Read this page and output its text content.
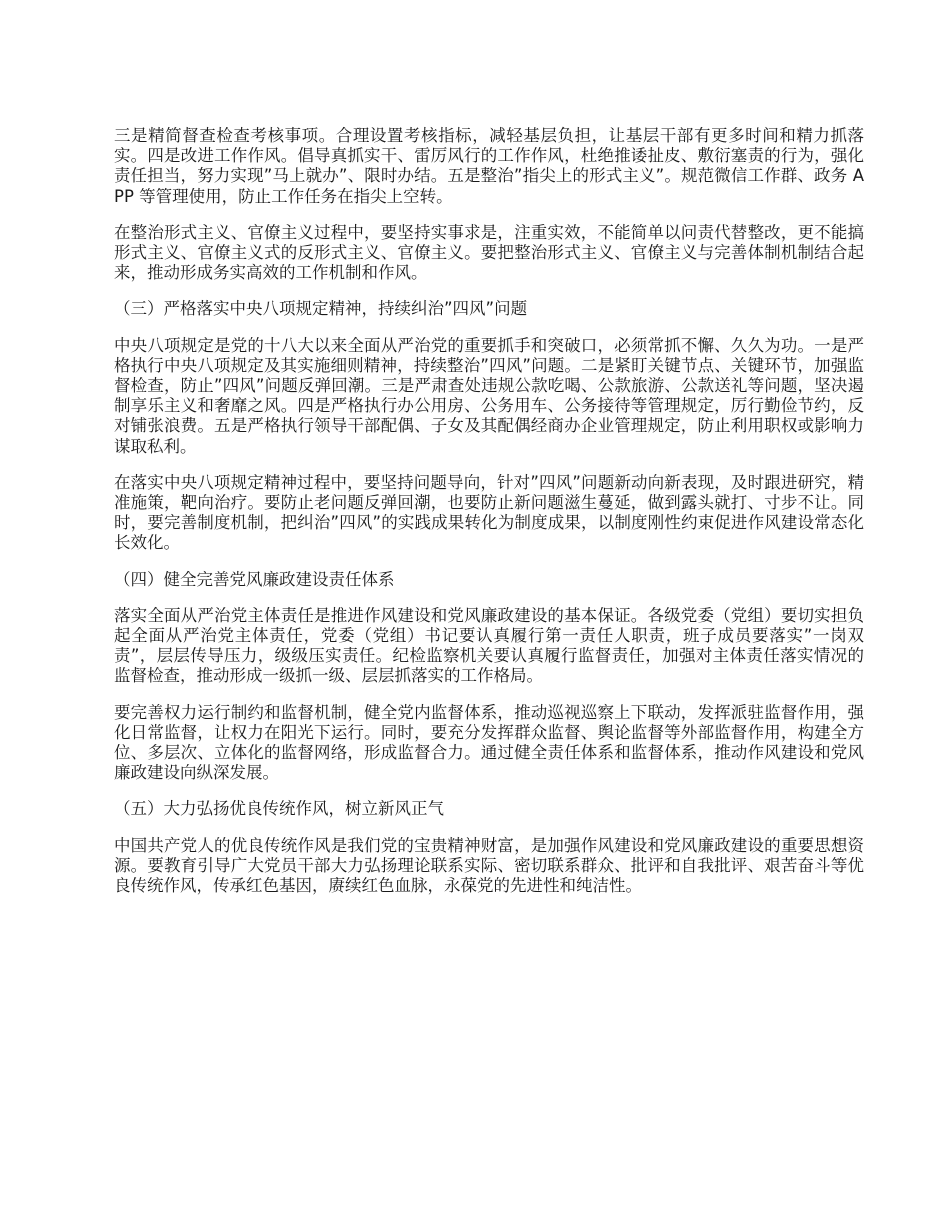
三是精简督查检查考核事项。合理设置考核指标，减轻基层负担，让基层干部有更多时间和精力抓落实。四是改进工作作风。倡导真抓实干、雷厉风行的工作作风，杜绝推诿扯皮、敷衍塞责的行为，强化责任担当，努力实现”马上就办”、限时办结。五是整治”指尖上的形式主义”。规范微信工作群、政务 APP 等管理使用，防止工作任务在指尖上空转。

在整治形式主义、官僚主义过程中，要坚持实事求是，注重实效，不能简单以问责代替整改，更不能搞形式主义、官僚主义式的反形式主义、官僚主义。要把整治形式主义、官僚主义与完善体制机制结合起来，推动形成务实高效的工作机制和作风。

（三）严格落实中央八项规定精神，持续纠治”四风”问题

中央八项规定是党的十八大以来全面从严治党的重要抓手和突破口，必须常抓不懈、久久为功。一是严格执行中央八项规定及其实施细则精神，持续整治”四风”问题。二是紧盯关键节点、关键环节，加强监督检查，防止”四风”问题反弹回潮。三是严肃查处违规公款吃喝、公款旅游、公款送礼等问题，坚决遏制享乐主义和奢靡之风。四是严格执行办公用房、公务用车、公务接待等管理规定，厉行勤俭节约，反对铺张浪费。五是严格执行领导干部配偶、子女及其配偶经商办企业管理规定，防止利用职权或影响力谋取私利。

在落实中央八项规定精神过程中，要坚持问题导向，针对”四风”问题新动向新表现，及时跟进研究，精准施策，靶向治疗。要防止老问题反弹回潮，也要防止新问题滋生蔓延，做到露头就打、寸步不让。同时，要完善制度机制，把纠治”四风”的实践成果转化为制度成果，以制度刚性约束促进作风建设常态化长效化。

（四）健全完善党风廉政建设责任体系

落实全面从严治党主体责任是推进作风建设和党风廉政建设的基本保证。各级党委（党组）要切实担负起全面从严治党主体责任，党委（党组）书记要认真履行第一责任人职责，班子成员要落实”一岗双责”，层层传导压力，级级压实责任。纪检监察机关要认真履行监督责任，加强对主体责任落实情况的监督检查，推动形成一级抓一级、层层抓落实的工作格局。

要完善权力运行制约和监督机制，健全党内监督体系，推动巡视巡察上下联动，发挥派驻监督作用，强化日常监督，让权力在阳光下运行。同时，要充分发挥群众监督、舆论监督等外部监督作用，构建全方位、多层次、立体化的监督网络，形成监督合力。通过健全责任体系和监督体系，推动作风建设和党风廉政建设向纵深发展。

（五）大力弘扬优良传统作风，树立新风正气

中国共产党人的优良传统作风是我们党的宝贵精神财富，是加强作风建设和党风廉政建设的重要思想资源。要教育引导广大党员干部大力弘扬理论联系实际、密切联系群众、批评和自我批评、艰苦奋斗等优良传统作风，传承红色基因，赓续红色血脉，永葆党的先进性和纯洁性。
